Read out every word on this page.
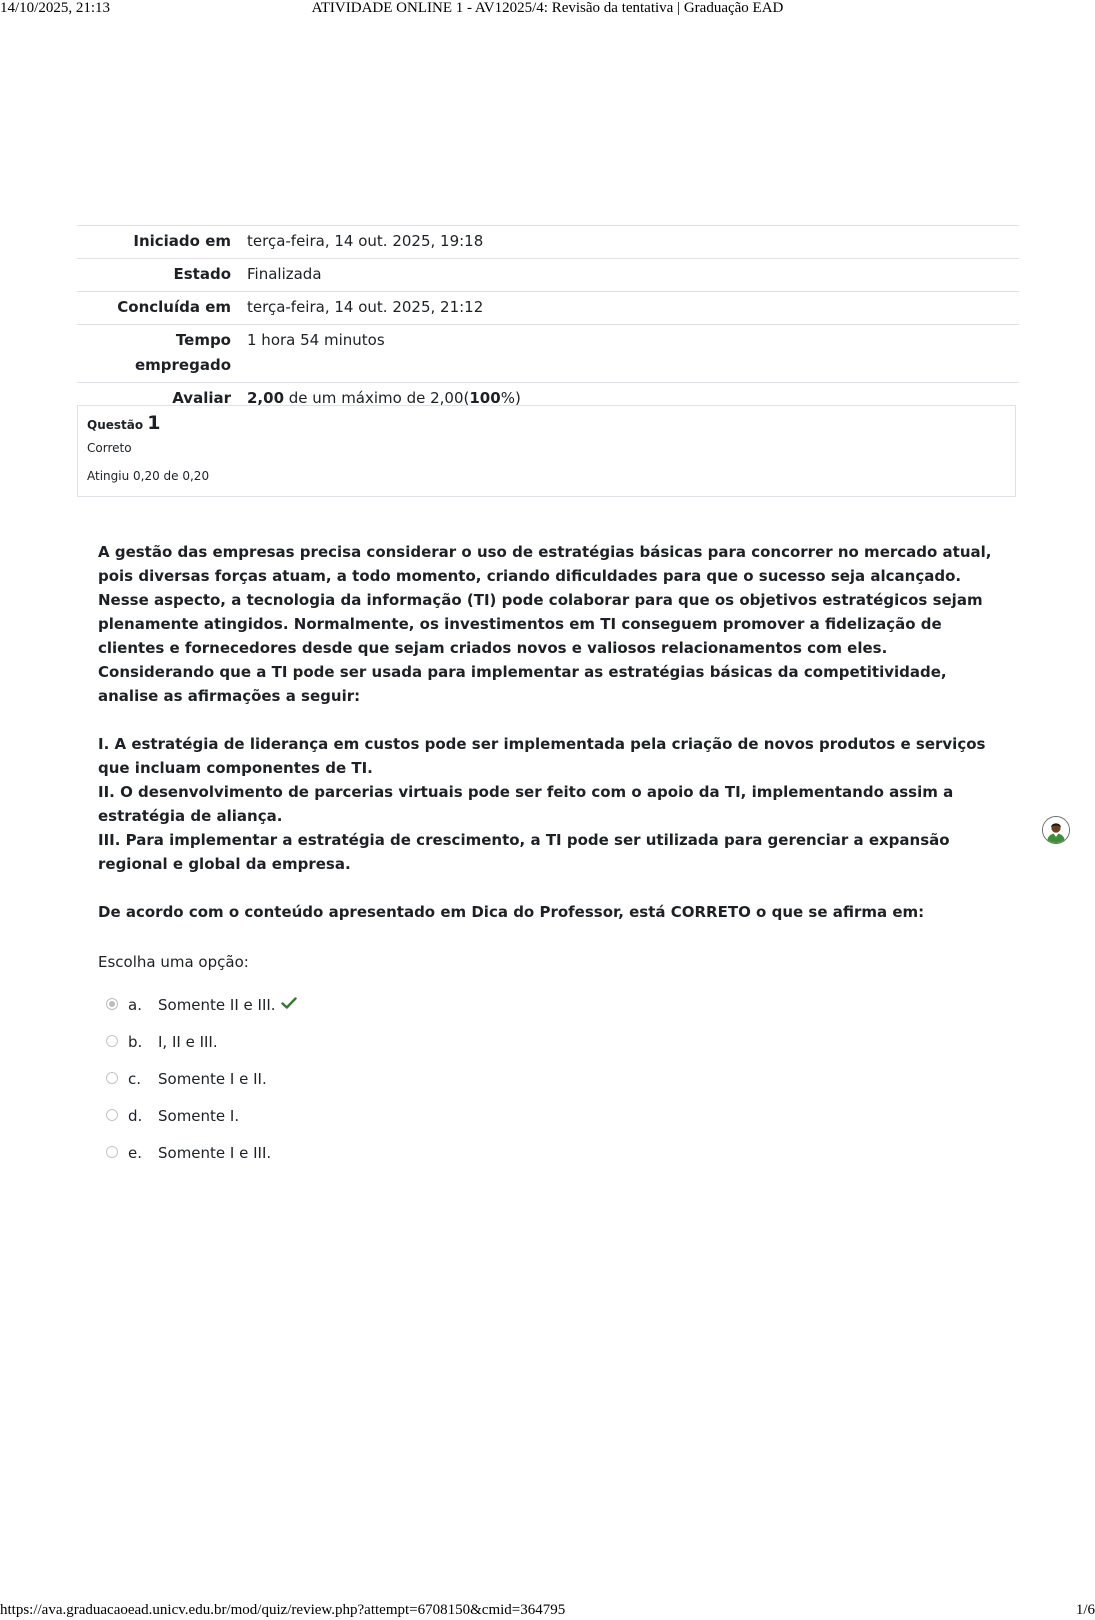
14/10/2025, 21:13	ATIVIDADE ONLINE 1 - AV12025/4: Revisão da tentativa | Graduação EAD
Iniciado em	terça-feira, 14 out. 2025, 19:18
Estado	Finalizada
Concluída em	terça-feira, 14 out. 2025, 21:12
Tempo empregado	1 hora 54 minutos
Avaliar	2,00 de um máximo de 2,00(100%)
Questão 1
Correto
Atingiu 0,20 de 0,20

A gestão das empresas precisa considerar o uso de estratégias básicas para concorrer no mercado atual, pois diversas forças atuam, a todo momento, criando dificuldades para que o sucesso seja alcançado. Nesse aspecto, a tecnologia da informação (TI) pode colaborar para que os objetivos estratégicos sejam plenamente atingidos. Normalmente, os investimentos em TI conseguem promover a fidelização de clientes e fornecedores desde que sejam criados novos e valiosos relacionamentos com eles. Considerando que a TI pode ser usada para implementar as estratégias básicas da competitividade, analise as afirmações a seguir:

I. A estratégia de liderança em custos pode ser implementada pela criação de novos produtos e serviços que incluam componentes de TI.

II. O desenvolvimento de parcerias virtuais pode ser feito com o apoio da TI, implementando assim a estratégia de aliança.

III. Para implementar a estratégia de crescimento, a TI pode ser utilizada para gerenciar a expansão regional e global da empresa.

De acordo com o conteúdo apresentado em Dica do Professor, está CORRETO o que se afirma em:

Escolha uma opção:
a.	Somente II e III.
b.	I, II e III.
c.	Somente I e II.
d.	Somente I.
e.	Somente I e III.
https://ava.graduacaoead.unicv.edu.br/mod/quiz/review.php?attempt=6708150&cmid=364795	1/6
